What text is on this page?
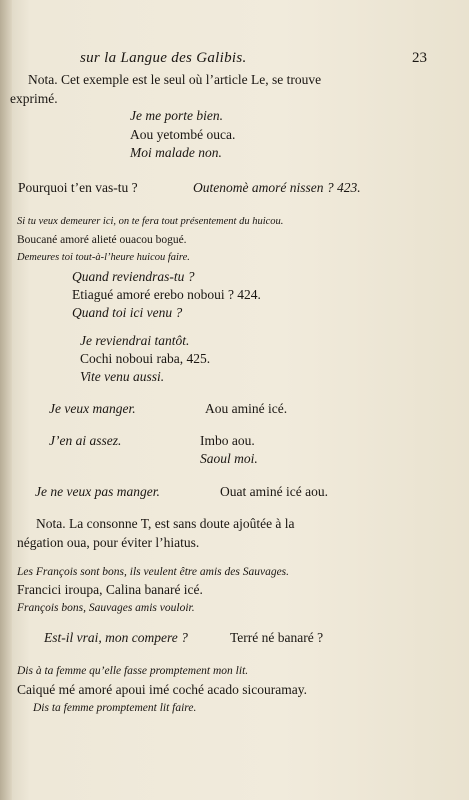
sur la Langue des Galibis.	23
Nota. Cet exemple est le seul où l’article Le, se trouve
exprimé.
Je me porte bien.
Aou yetombé ouca.
Moi malade non.
Pourquoi t’en vas-tu ?	Outenomè amoré nissen ? 423.
Si tu veux demeurer ici, on te fera tout présentement du huicou.
Boucané amoré alieté ouacou bogué.
Demeures toi tout-à-l’heure huicou faire.
Quand reviendras-tu ?
Etiagué amoré erebo noboui ? 424.
Quand toi ici venu ?
Je reviendrai tantôt.
Cochi noboui raba, 425.
Vite venu aussi.
Je veux manger.	Aou aminé icé.
J’en ai assez.	Imbo aou.
Saoul moi.
Je ne veux pas manger.	Ouat aminé icé aou.
Nota. La consonne T, est sans doute ajoûtée à la
négation oua, pour éviter l’hiatus.
Les François sont bons, ils veulent être amis des Sauvages.
Francici iroupa, Calina banaré icé.
François bons, Sauvages amis vouloir.
Est-il vrai, mon compere ?	Terré né banaré ?
Dis à ta femme qu’elle fasse promptement mon lit.
Caiqué mé amoré apoui imé coché acado sicouramay.
Dis ta femme promptement lit faire.
